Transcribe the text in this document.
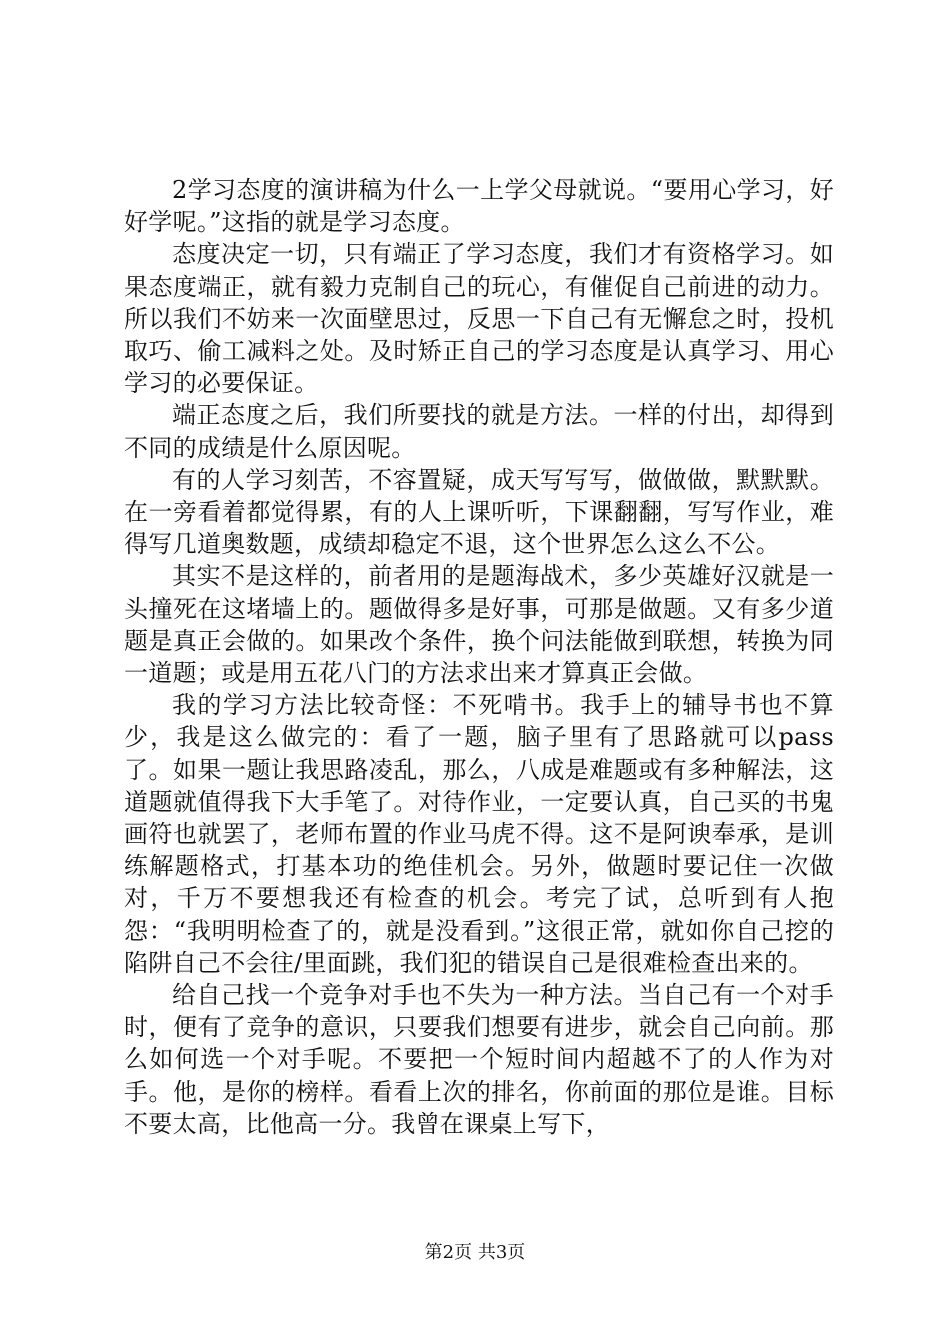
2学习态度的演讲稿为什么一上学父母就说。“要用心学习，好好学呢。”这指的就是学习态度。

态度决定一切，只有端正了学习态度，我们才有资格学习。如果态度端正，就有毅力克制自己的玩心，有催促自己前进的动力。所以我们不妨来一次面壁思过，反思一下自己有无懈怠之时，投机取巧、偷工减料之处。及时矫正自己的学习态度是认真学习、用心学习的必要保证。

端正态度之后，我们所要找的就是方法。一样的付出，却得到不同的成绩是什么原因呢。

有的人学习刻苦，不容置疑，成天写写写，做做做，默默默。在一旁看着都觉得累，有的人上课听听，下课翻翻，写写作业，难得写几道奥数题，成绩却稳定不退，这个世界怎么这么不公。

其实不是这样的，前者用的是题海战术，多少英雄好汉就是一头撞死在这堵墙上的。题做得多是好事，可那是做题。又有多少道题是真正会做的。如果改个条件，换个问法能做到联想，转换为同一道题；或是用五花八门的方法求出来才算真正会做。

我的学习方法比较奇怪：不死啃书。我手上的辅导书也不算少，我是这么做完的：看了一题，脑子里有了思路就可以pass了。如果一题让我思路凌乱，那么，八成是难题或有多种解法，这道题就值得我下大手笔了。对待作业，一定要认真，自己买的书鬼画符也就罢了，老师布置的作业马虎不得。这不是阿谀奉承，是训练解题格式，打基本功的绝佳机会。另外，做题时要记住一次做对，千万不要想我还有检查的机会。考完了试，总听到有人抱怨：“我明明检查了的，就是没看到。”这很正常，就如你自己挖的陷阱自己不会往/里面跳，我们犯的错误自己是很难检查出来的。

给自己找一个竞争对手也不失为一种方法。当自己有一个对手时，便有了竞争的意识，只要我们想要有进步，就会自己向前。那么如何选一个对手呢。不要把一个短时间内超越不了的人作为对手。他，是你的榜样。看看上次的排名，你前面的那位是谁。目标不要太高，比他高一分。我曾在课桌上写下，

第2页 共3页
